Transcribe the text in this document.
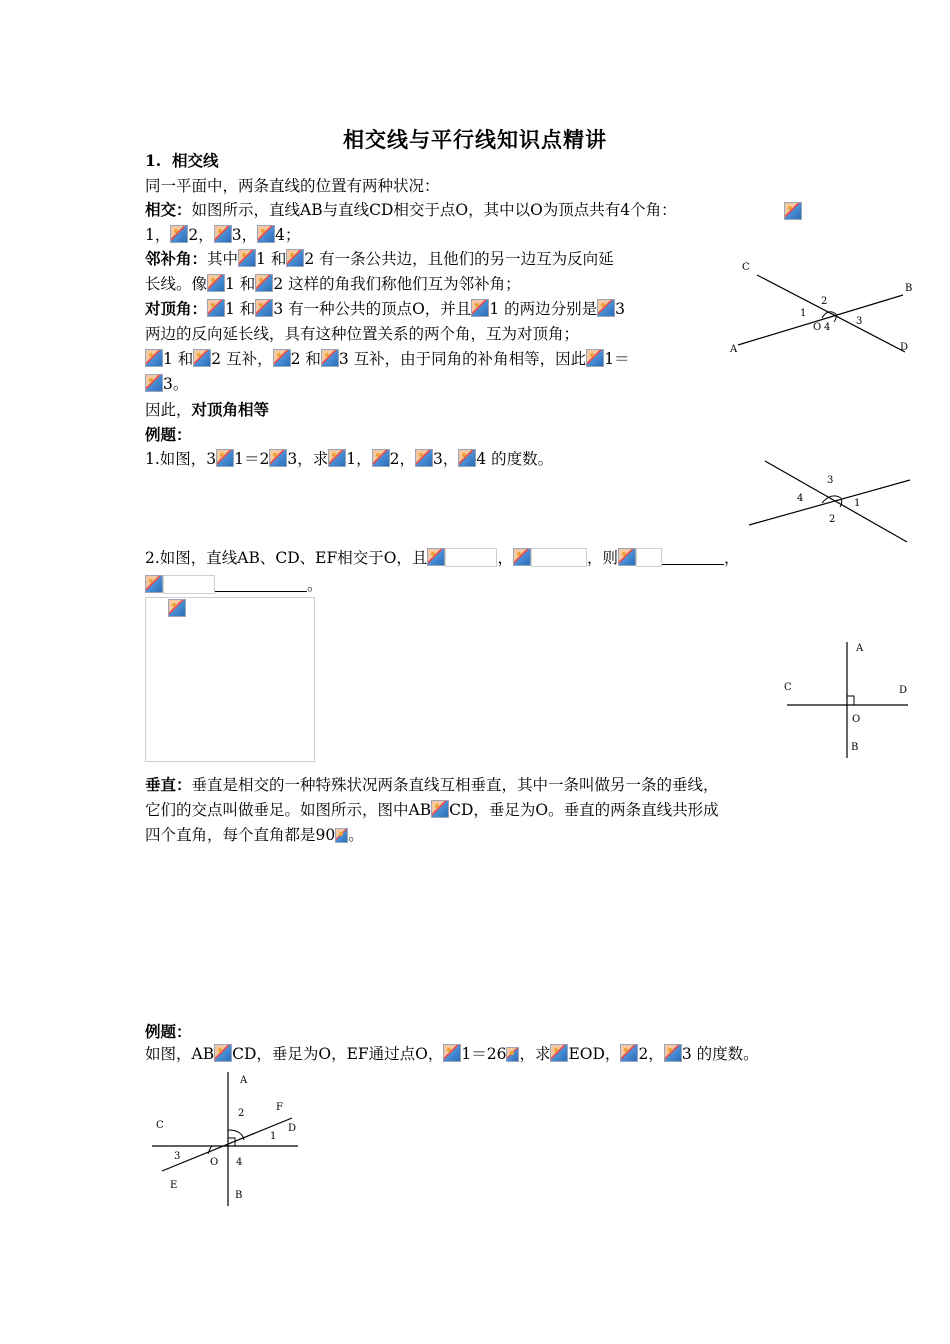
相交线与平行线知识点精讲
1. 相交线
同一平面中，两条直线的位置有两种状况：
相交：如图所示，直线AB与直线CD相交于点O，其中以O为顶点共有4个角：

1， 2， 3， 4；
邻补角：其中 1 和 2 有一条公共边，且他们的另一边互为反向延
长线。像 1 和 2 这样的角我们称他们互为邻补角；
对顶角： 1 和 3 有一种公共的顶点O，并且 1 的两边分别是 3
两边的反向延长线，具有这种位置关系的两个角，互为对顶角；
1 和 2 互补， 2 和 3 互补，由于同角的补角相等，因此 1＝
3。
因此，对顶角相等
例题：
1.如图，3 1＝2 3，求 1， 2， 3， 4 的度数。
2.如图，直线AB、CD、EF相交于O，且	，	，则	，
。
垂直：垂直是相交的一种特殊状况两条直线互相垂直，其中一条叫做另一条的垂线，
它们的交点叫做垂足。如图所示，图中AB CD，垂足为O。垂直的两条直线共形成
四个直角，每个直角都是90 。
例题：
如图，AB CD，垂足为O，EF通过点O， 1＝26 ，求 EOD， 2， 3 的度数。
C
B
A	D
2
1
3
4
O
3
4	1
2
A
C	D
O
B
A
C	D
F
E
B
2
1
3
4
O
